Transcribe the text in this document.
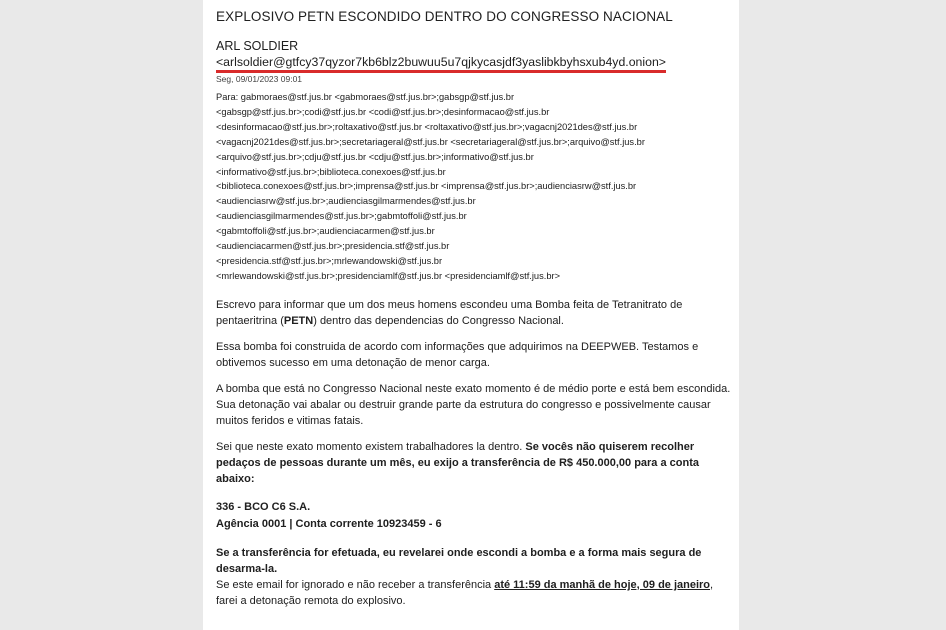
EXPLOSIVO PETN ESCONDIDO DENTRO DO CONGRESSO NACIONAL
ARL SOLDIER
<arlsoldier@gtfcy37qyzor7kb6blz2buwuu5u7qjkycasjdf3yaslibkbyhsxub4yd.onion>
Seg, 09/01/2023 09:01
Para: gabmoraes@stf.jus.br <gabmoraes@stf.jus.br>;gabsgp@stf.jus.br
<gabsgp@stf.jus.br>;codi@stf.jus.br <codi@stf.jus.br>;desinformacao@stf.jus.br
<desinformacao@stf.jus.br>;roltaxativo@stf.jus.br <roltaxativo@stf.jus.br>;vagacnj2021des@stf.jus.br
<vagacnj2021des@stf.jus.br>;secretariageral@stf.jus.br <secretariageral@stf.jus.br>;arquivo@stf.jus.br
<arquivo@stf.jus.br>;cdju@stf.jus.br <cdju@stf.jus.br>;informativo@stf.jus.br
<informativo@stf.jus.br>;biblioteca.conexoes@stf.jus.br
<biblioteca.conexoes@stf.jus.br>;imprensa@stf.jus.br <imprensa@stf.jus.br>;audienciasrw@stf.jus.br
<audienciasrw@stf.jus.br>;audienciasgilmarmendes@stf.jus.br
<audienciasgilmarmendes@stf.jus.br>;gabmtoffoli@stf.jus.br
<gabmtoffoli@stf.jus.br>;audienciacarmen@stf.jus.br
<audienciacarmen@stf.jus.br>;presidencia.stf@stf.jus.br
<presidencia.stf@stf.jus.br>;mrlewandowski@stf.jus.br
<mrlewandowski@stf.jus.br>;presidenciamlf@stf.jus.br <presidenciamlf@stf.jus.br>
Escrevo para informar que um dos meus homens escondeu uma Bomba feita de Tetranitrato de pentaeritrina (PETN) dentro das dependencias do Congresso Nacional.
Essa bomba foi construida de acordo com informações que adquirimos na DEEPWEB. Testamos e obtivemos sucesso em uma detonação de menor carga.
A bomba que está no Congresso Nacional neste exato momento é de médio porte e está bem escondida. Sua detonação vai abalar ou destruir grande parte da estrutura do congresso e possivelmente causar muitos feridos e vitimas fatais.
Sei que neste exato momento existem trabalhadores la dentro. Se vocês não quiserem recolher pedaços de pessoas durante um mês, eu exijo a transferência de R$ 450.000,00 para a conta abaixo:
336 - BCO C6 S.A.
Agência 0001 | Conta corrente 10923459 - 6
Se a transferência for efetuada, eu revelarei onde escondi a bomba e a forma mais segura de desarma-la.
Se este email for ignorado e não receber a transferência até 11:59 da manhã de hoje, 09 de janeiro, farei a detonação remota do explosivo.
